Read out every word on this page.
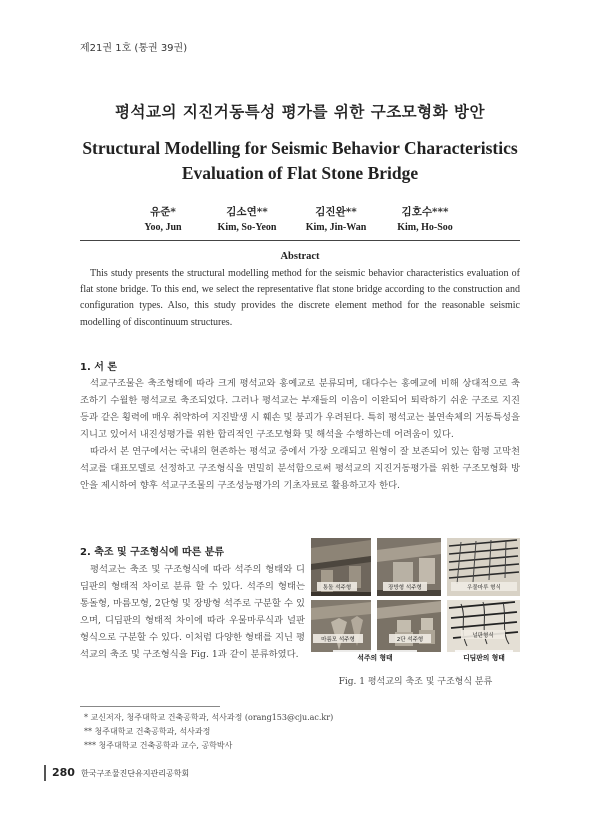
제21권 1호 (통권 39권)
평석교의 지진거동특성 평가를 위한 구조모형화 방안
Structural Modelling for Seismic Behavior Characteristics
Evaluation of Flat Stone Bridge
유준*
Yoo, Jun
김소연**
Kim, So-Yeon
김진완**
Kim, Jin-Wan
김호수***
Kim, Ho-Soo
Abstract
This study presents the structural modelling method for the seismic behavior characteristics evaluation of flat stone bridge. To this end, we select the representative flat stone bridge according to the construction and configuration types. Also, this study provides the discrete element method for the reasonable seismic modelling of discontinuum structures.
1. 서 론
석교구조물은 축조형태에 따라 크게 평석교와 홍예교로 분류되며, 대다수는 홍예교에 비해 상대적으로 축조하기 수월한 평석교로 축조되었다. 그러나 평석교는 부재들의 이음이 이완되어 퇴락하기 쉬운 구조로 지진 등과 같은 횡력에 매우 취약하여 지진발생 시 훼손 및 붕괴가 우려된다. 특히 평석교는 불연속체의 거동특성을 지니고 있어서 내진성평가를 위한 합리적인 구조모형화 및 해석을 수행하는데 어려움이 있다.
따라서 본 연구에서는 국내의 현존하는 평석교 중에서 가장 오래되고 원형이 잘 보존되어 있는 함평 고막천석교를 대표모델로 선정하고 구조형식을 면밀히 분석함으로써 평석교의 지진거동평가를 위한 구조모형화 방안을 제시하여 향후 석교구조물의 구조성능평가의 기초자료로 활용하고자 한다.
2. 축조 및 구조형식에 따른 분류
평석교는 축조 및 구조형식에 따라 석주의 형태와 디딤판의 형태적 차이로 분류 할 수 있다. 석주의 형태는 통돌형, 마름모형, 2단형 및 장방형 석주로 구분할 수 있으며, 디딤판의 형태적 차이에 따라 우물마루식과 널판형식으로 구분할 수 있다. 이처럼 다양한 형태를 지닌 평석교의 축조 및 구조형식을 Fig. 1과 같이 분류하였다.
통돌 석주형	장방형 석주형	우물마루 형식
마름모 석주형	2단 석주형
널판형식
석주의 형태	디딤판의 형태
Fig. 1 평석교의 축조 및 구조형식 분류
* 교신저자, 청주대학교 건축공학과, 석사과정 (orang153@cju.ac.kr)
** 청주대학교 건축공학과, 석사과정
*** 청주대학교 건축공학과 교수, 공학박사
280 한국구조물진단유지관리공학회
